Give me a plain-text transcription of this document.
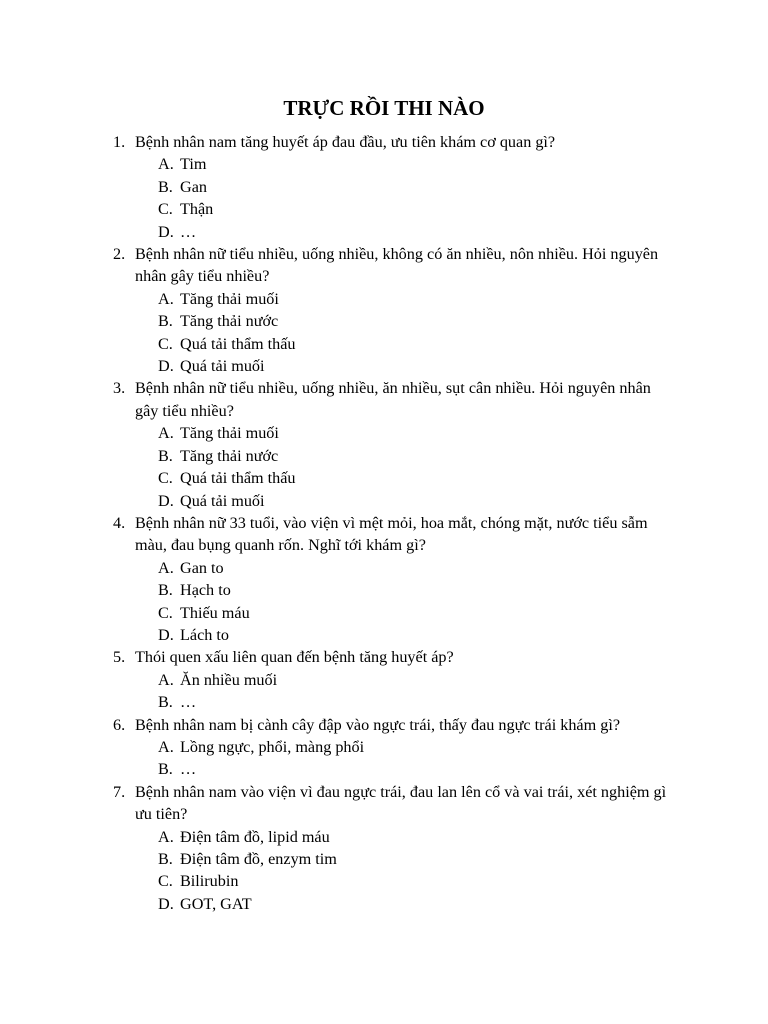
TRỰC RỒI THI NÀO
1. Bệnh nhân nam tăng huyết áp đau đầu, ưu tiên khám cơ quan gì?
A. Tim
B. Gan
C. Thận
D. …
2. Bệnh nhân nữ tiểu nhiều, uống nhiều, không có ăn nhiều, nôn nhiều. Hỏi nguyên nhân gây tiểu nhiều?
A. Tăng thải muối
B. Tăng thải nước
C. Quá tải thẩm thấu
D. Quá tải muối
3. Bệnh nhân nữ tiểu nhiều, uống nhiều, ăn nhiều, sụt cân nhiều. Hỏi nguyên nhân gây tiểu nhiều?
A. Tăng thải muối
B. Tăng thải nước
C. Quá tải thẩm thấu
D. Quá tải muối
4. Bệnh nhân nữ 33 tuổi, vào viện vì mệt mỏi, hoa mắt, chóng mặt, nước tiểu sẫm màu, đau bụng quanh rốn. Nghĩ tới khám gì?
A. Gan to
B. Hạch to
C. Thiếu máu
D. Lách to
5. Thói quen xấu liên quan đến bệnh tăng huyết áp?
A. Ăn nhiều muối
B. …
6. Bệnh nhân nam bị cành cây đập vào ngực trái, thấy đau ngực trái khám gì?
A. Lồng ngực, phổi, màng phổi
B. …
7. Bệnh nhân nam vào viện vì đau ngực trái, đau lan lên cổ và vai trái, xét nghiệm gì ưu tiên?
A. Điện tâm đồ, lipid máu
B. Điện tâm đồ, enzym tim
C. Bilirubin
D. GOT, GAT
